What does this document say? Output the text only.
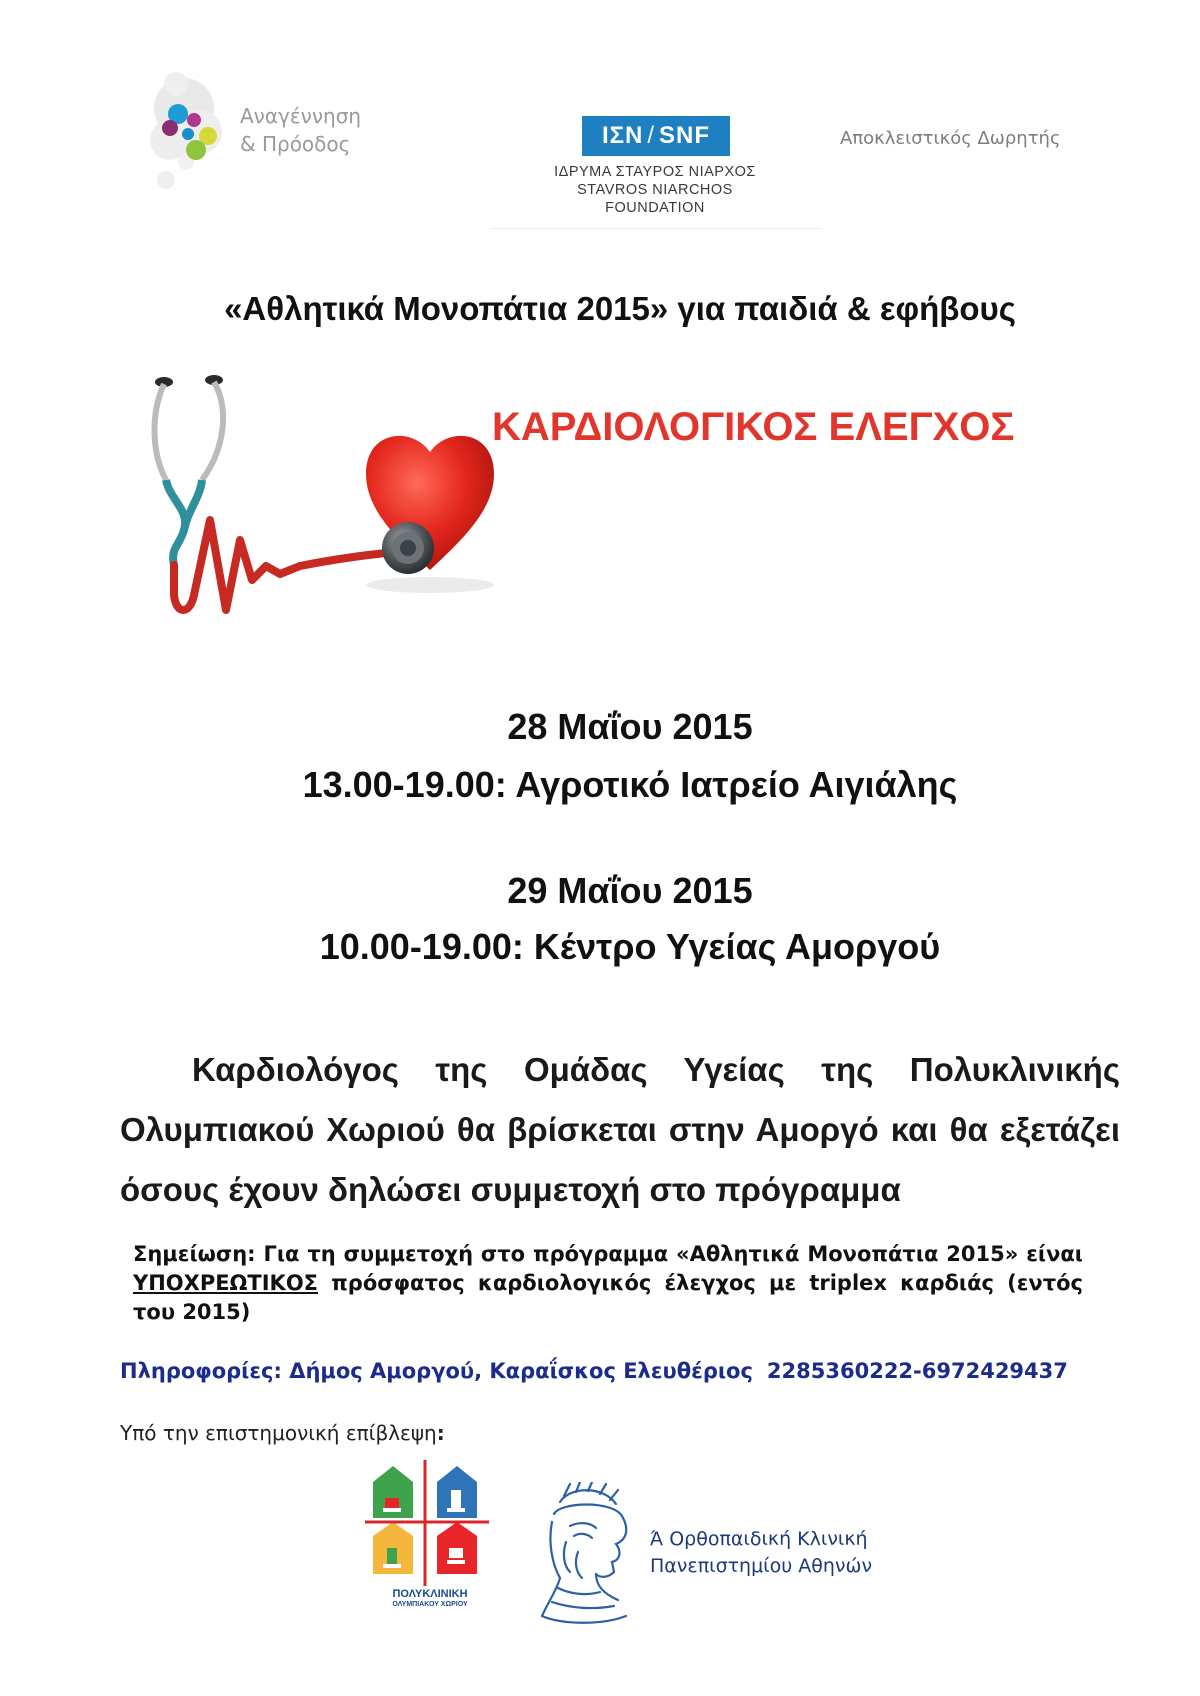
Αναγέννηση
& Πρόοδος	ΙΣΝ / SNF
ΙΔΡΥΜΑ ΣΤΑΥΡΟΣ ΝΙΑΡΧΟΣ
STAVROS NIARCHOS
FOUNDATION
Αποκλειστικός Δωρητής
«Αθλητικά Μονοπάτια 2015» για παιδιά & εφήβους
ΚΑΡΔΙΟΛΟΓΙΚΟΣ ΕΛΕΓΧΟΣ
28 Μαΐου 2015
13.00-19.00: Αγροτικό Ιατρείο Αιγιάλης
29 Μαΐου 2015
10.00-19.00: Κέντρο Υγείας Αμοργού
Καρδιολόγος της Ομάδας Υγείας της Πολυκλινικής Ολυμπιακού Χωριού θα βρίσκεται στην Αμοργό και θα εξετάζει όσους έχουν δηλώσει συμμετοχή στο πρόγραμμα
Σημείωση: Για τη συμμετοχή στο πρόγραμμα «Αθλητικά Μονοπάτια 2015» είναι ΥΠΟΧΡΕΩΤΙΚΟΣ πρόσφατος καρδιολογικός έλεγχος με triplex καρδιάς (εντός του 2015)
Πληροφορίες: Δήμος Αμοργού, Καραΐσκος Ελευθέριος 2285360222-6972429437
Υπό την επιστημονική επίβλεψη:
ΠΟΛΥΚΛΙΝΙΚΗ
ΟΛΥΜΠΙΑΚΟΥ ΧΩΡΙΟΥ
Ά Ορθοπαιδική Κλινική
Πανεπιστημίου Αθηνών
